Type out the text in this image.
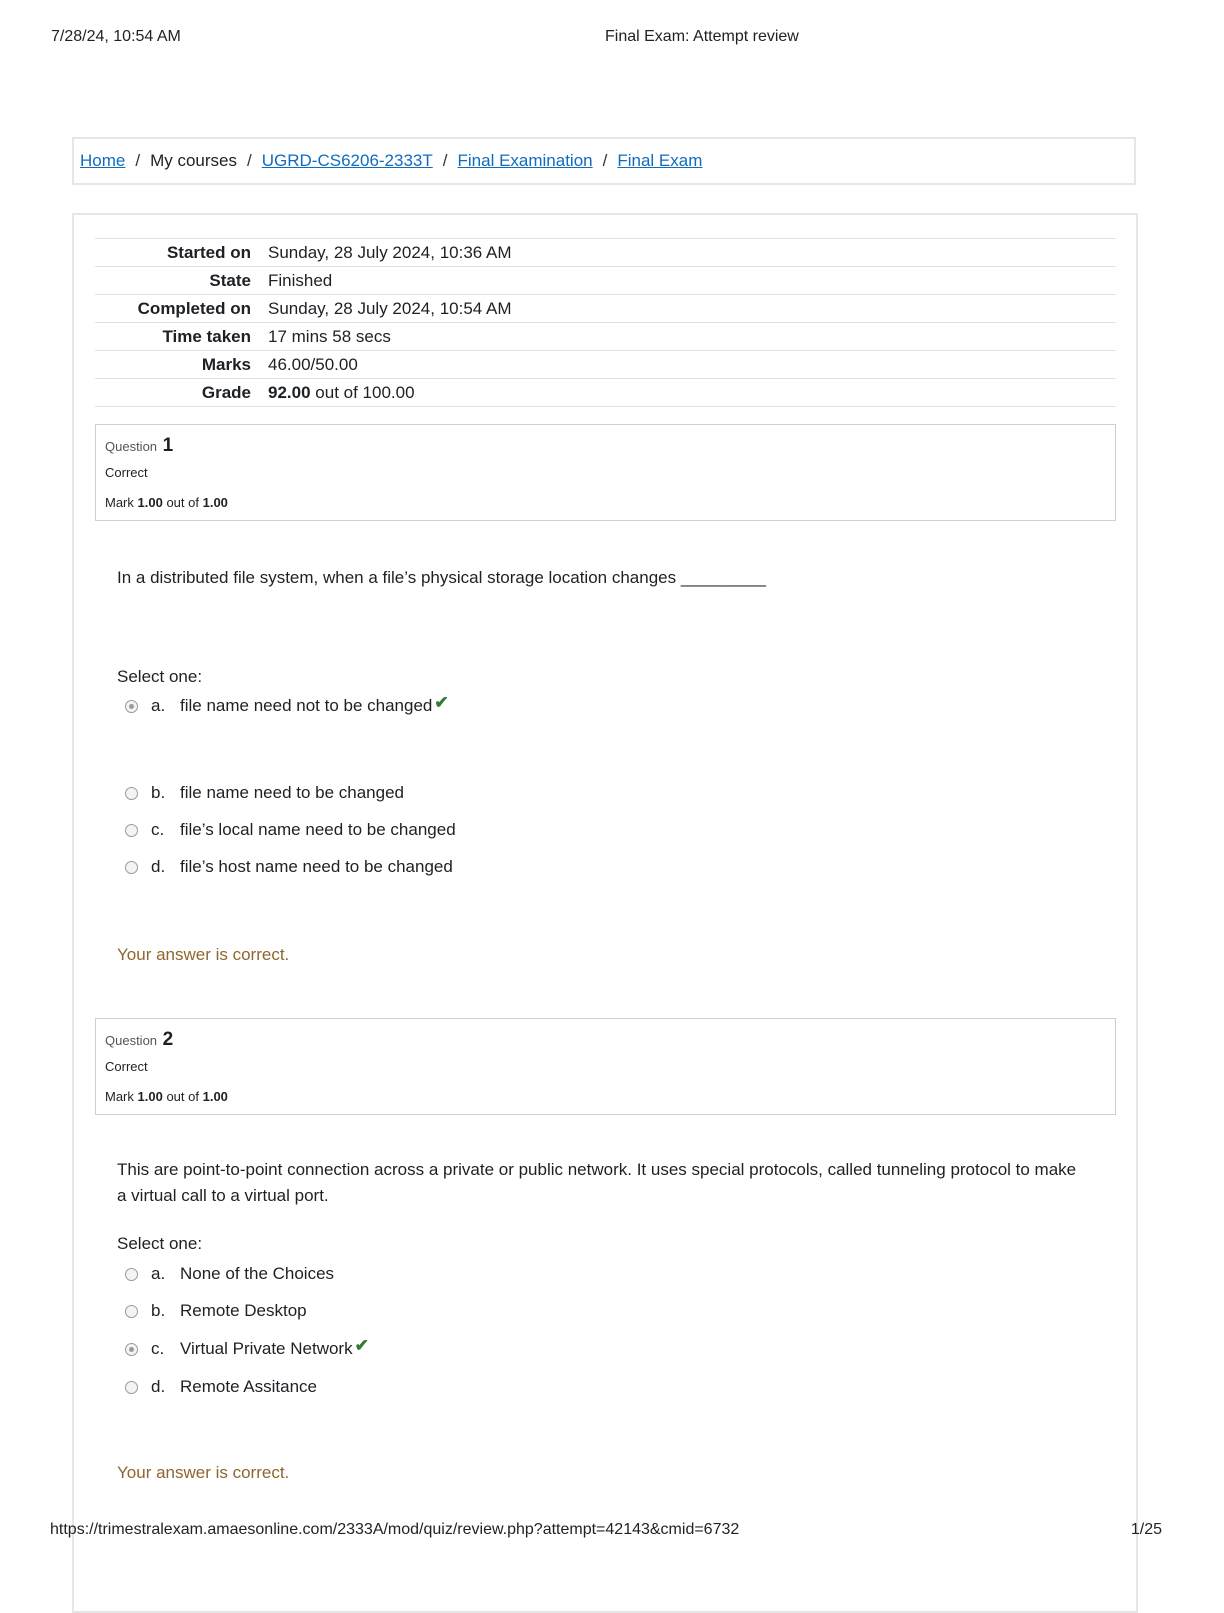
7/28/24, 10:54 AM	Final Exam: Attempt review
Home / My courses / UGRD-CS6206-2333T / Final Examination / Final Exam
Started on	Sunday, 28 July 2024, 10:36 AM
State	Finished
Completed on	Sunday, 28 July 2024, 10:54 AM
Time taken	17 mins 58 secs
Marks	46.00/50.00
Grade	92.00 out of 100.00
Question 1
Correct
Mark 1.00 out of 1.00
In a distributed file system, when a file’s physical storage location changes _________
Select one:
a. file name need not to be changed ✔
b. file name need to be changed
c. file’s local name need to be changed
d. file’s host name need to be changed
Your answer is correct.
Question 2
Correct
Mark 1.00 out of 1.00
This are point-to-point connection across a private or public network. It uses special protocols, called tunneling protocol to make a virtual call to a virtual port.
Select one:
a. None of the Choices
b. Remote Desktop
c. Virtual Private Network ✔
d. Remote Assitance
Your answer is correct.
https://trimestralexam.amaesonline.com/2333A/mod/quiz/review.php?attempt=42143&cmid=6732	1/25
